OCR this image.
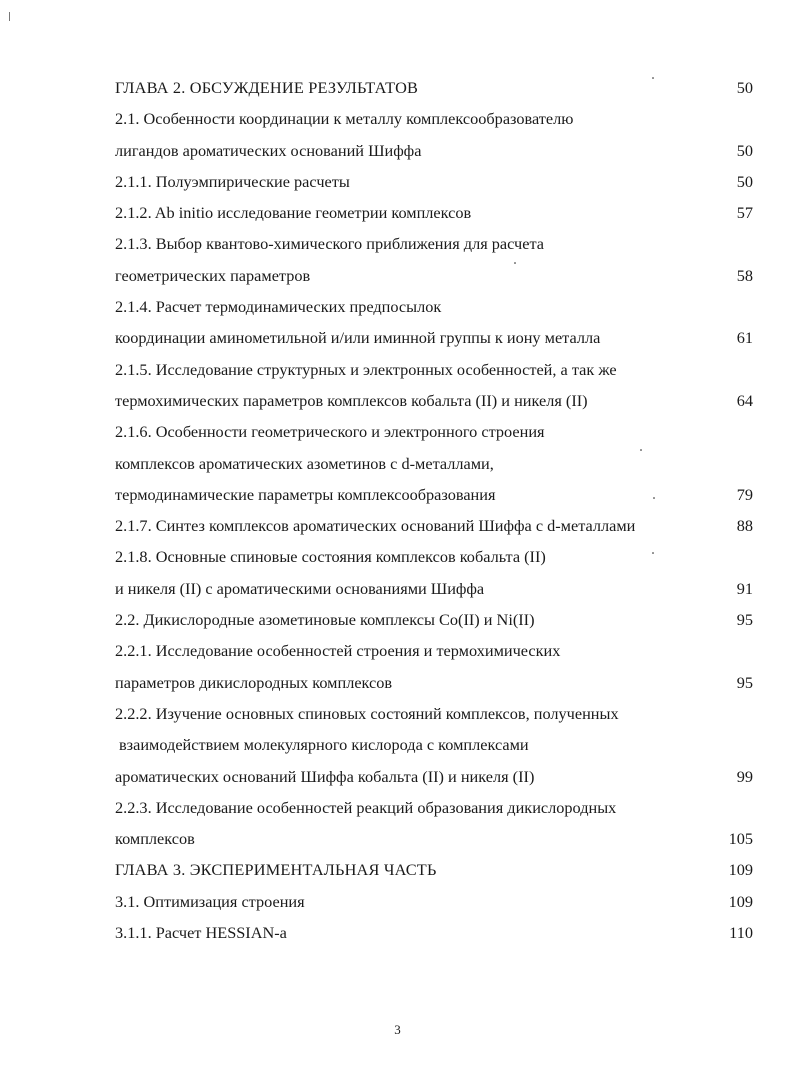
ГЛАВА 2. ОБСУЖДЕНИЕ РЕЗУЛЬТАТОВ	50
2.1. Особенности координации к металлу комплексообразователю
лигандов ароматических оснований Шиффа	50
2.1.1. Полуэмпирические расчеты	50
2.1.2. Ab initio исследование геометрии комплексов	57
2.1.3. Выбор квантово-химического приближения для расчета
геометрических параметров	58
2.1.4. Расчет термодинамических предпосылок
координации аминометильной и/или иминной группы к иону металла	61
2.1.5. Исследование структурных и электронных особенностей, а так же
термохимических параметров комплексов кобальта (II) и никеля (II)	64
2.1.6. Особенности геометрического и электронного строения
комплексов ароматических азометинов с d-металлами,
термодинамические параметры комплексообразования	79
2.1.7. Синтез комплексов ароматических оснований Шиффа с d-металлами	88
2.1.8. Основные спиновые состояния комплексов кобальта (II)
и никеля (II) с ароматическими основаниями Шиффа	91
2.2. Дикислородные азометиновые комплексы Co(II) и Ni(II)	95
2.2.1. Исследование особенностей строения и термохимических
параметров дикислородных комплексов	95
2.2.2. Изучение основных спиновых состояний комплексов, полученных
взаимодействием молекулярного кислорода с комплексами
ароматических оснований Шиффа кобальта (II) и никеля (II)	99
2.2.3. Исследование особенностей реакций образования дикислородных
комплексов	105
ГЛАВА 3. ЭКСПЕРИМЕНТАЛЬНАЯ ЧАСТЬ	109
3.1. Оптимизация строения	109
3.1.1. Расчет HESSIAN-а	110
3
